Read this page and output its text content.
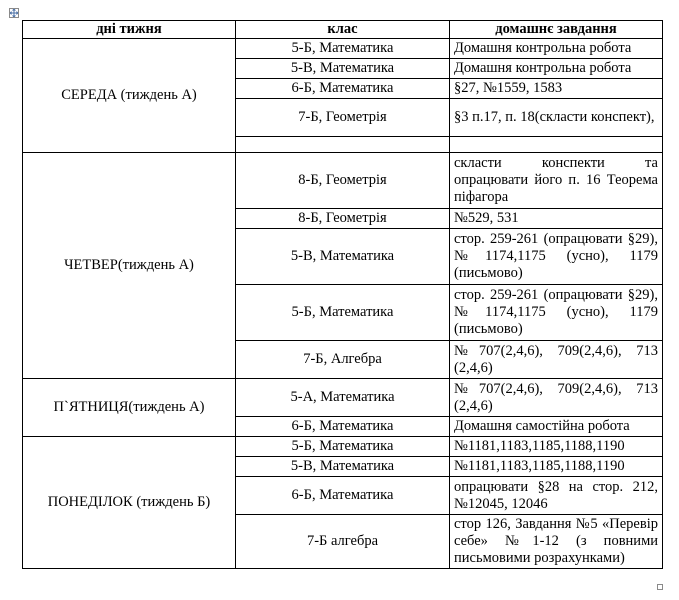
дні тижня	клас	домашнє завдання
СЕРЕДА (тиждень А)	5-Б, Математика	Домашня контрольна робота
	5-В, Математика	Домашня контрольна робота
	6-Б, Математика	§27, №1559, 1583
	7-Б, Геометрія	§3 п.17, п. 18(скласти конспект),

ЧЕТВЕР(тиждень А)	8-Б, Геометрія	скласти конспекти та опрацювати його п. 16 Теорема піфагора
	8-Б, Геометрія	№529, 531
	5-В, Математика	стор. 259-261 (опрацювати §29), №1174,1175 (усно), 1179 (письмово)
	5-Б, Математика	стор. 259-261 (опрацювати §29), №1174,1175 (усно), 1179 (письмово)
	7-Б, Алгебра	№707(2,4,6), 709(2,4,6), 713 (2,4,6)
П`ЯТНИЦЯ(тиждень А)	5-А, Математика	№707(2,4,6), 709(2,4,6), 713 (2,4,6)
	6-Б, Математика	Домашня самостійна робота
ПОНЕДІЛОК (тиждень Б)	5-Б, Математика	№1181,1183,1185,1188,1190
	5-В, Математика	№1181,1183,1185,1188,1190
	6-Б, Математика	опрацювати §28 на стор. 212, №12045, 12046
	7-Б алгебра	стор 126, Завдання №5 «Перевір себе» №1-12 (з повними письмовими розрахунками)
